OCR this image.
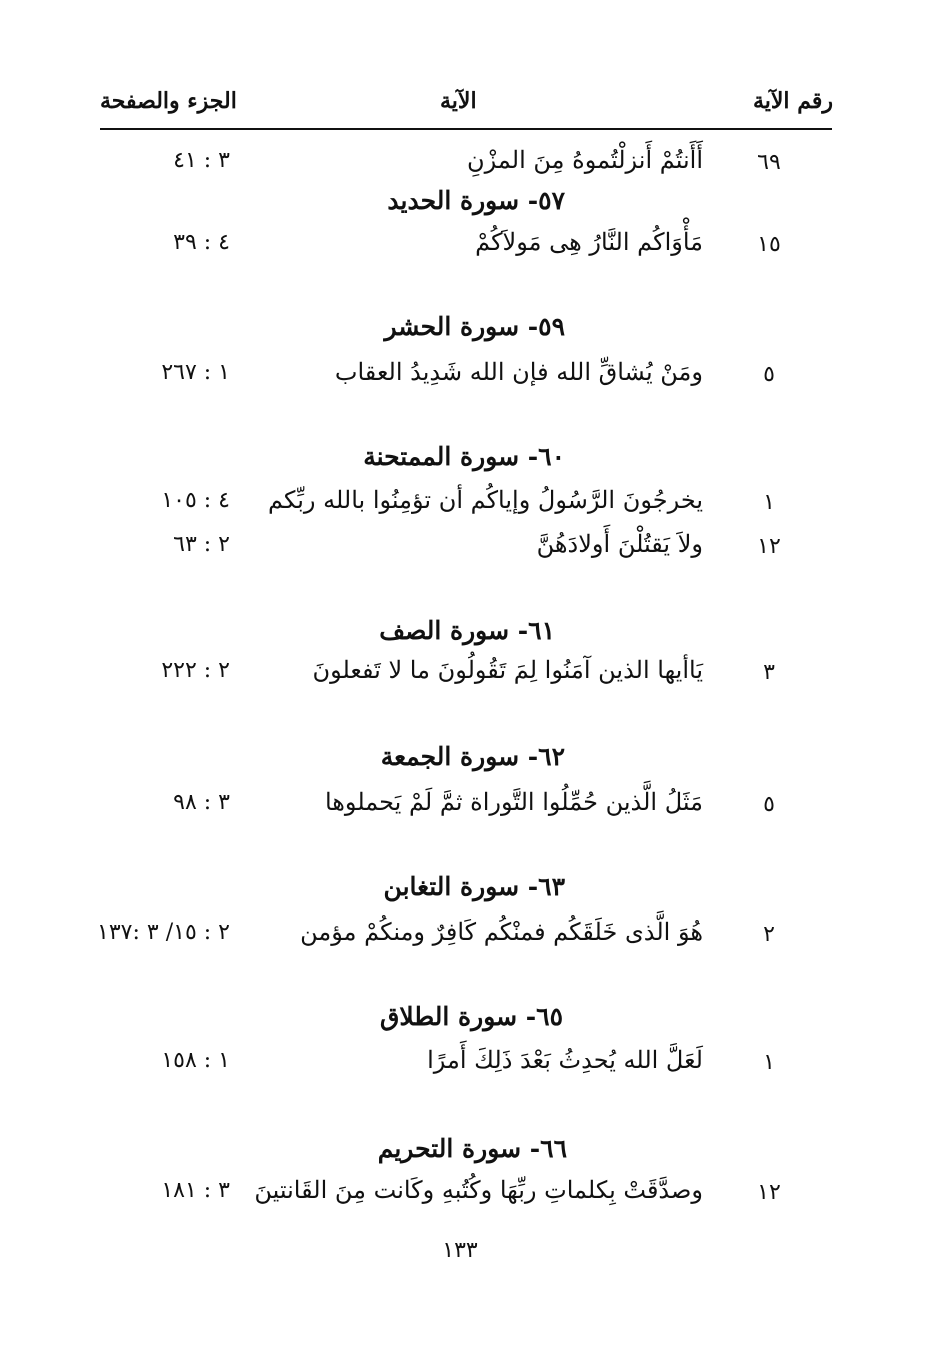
رقم الآية
الآية
الجزء والصفحة
٦٩
أَأَنتُمْ أَنزلْتُموهُ مِنَ المزْنِ
٣ : ٤١
٥٧- سورة الحديد
١٥
مَأْوَاكُم النَّارُ هِى مَولاَكُمْ
٤ : ٣٩
٥٩- سورة الحشر
٥
ومَنْ يُشاقِّ الله فإن الله شَدِيدُ العقاب
١ : ٢٦٧
٦٠- سورة الممتحنة
١
يخرجُونَ الرَّسُولُ وإياكُم أن تؤمِنُوا بالله ربِّكم
٤ : ١٠٥
١٢
ولاَ يَقتُلْنَ أَولادَهُنَّ
٢ : ٦٣
٦١- سورة الصف
٣
يَاأيها الذين آمَنُوا لِمَ تَقُولُونَ ما لا تَفعلونَ
٢ : ٢٢٢
٦٢- سورة الجمعة
٥
مَثَلُ الَّذين حُمِّلُوا التَّوراة ثمَّ لَمْ يَحملوها
٣ : ٩٨
٦٣- سورة التغابن
٢
هُوَ الَّذى خَلَقَكُم فمنْكُم كَافِرٌ ومنكُمْ مؤمن
٢ : ١٥/ ٣ :١٣٧
٦٥- سورة الطلاق
١
لَعَلَّ الله يُحدِثُ بَعْدَ ذَلِكَ أَمرًا
١ : ١٥٨
٦٦- سورة التحريم
١٢
وصدَّقَتْ بِكلماتِ ربِّهَا وكُتُبهِ وكَانت مِنَ القَانتينَ
٣ : ١٨١
١٣٣
